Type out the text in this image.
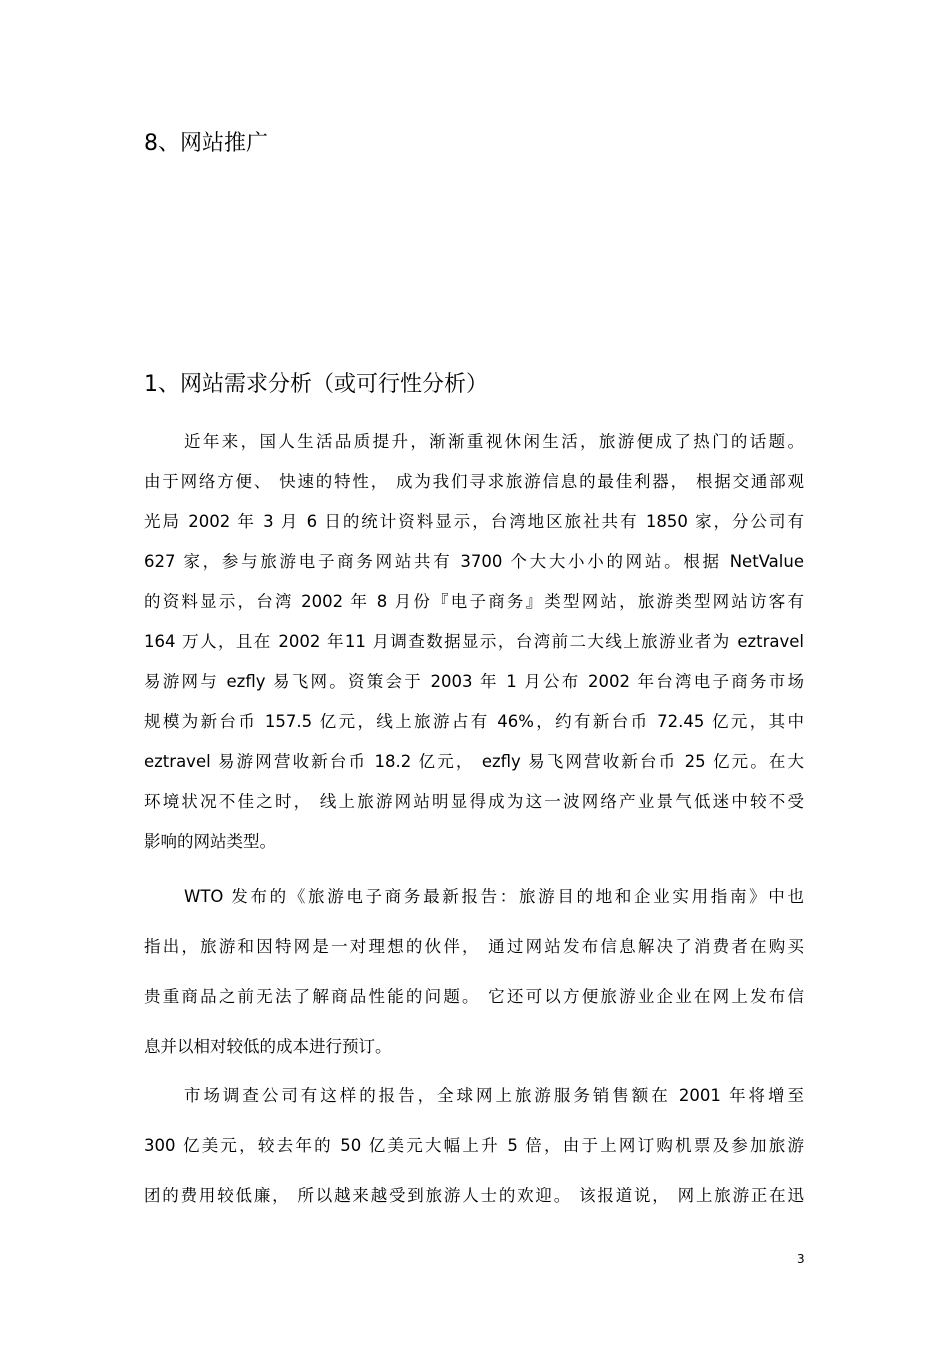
8、网站推广
1、网站需求分析（或可行性分析）
近年来，国人生活品质提升，渐渐重视休闲生活，旅游便成了热门的话题。
由于网络方便、 快速的特性， 成为我们寻求旅游信息的最佳利器， 根据交通部观
光局 2002 年 3 月 6 日的统计资料显示，台湾地区旅社共有 1850 家，分公司有
627 家，参与旅游电子商务网站共有 3700 个大大小小的网站。根据 NetValue
的资料显示，台湾 2002 年 8 月份『电子商务』类型网站，旅游类型网站访客有
164 万人，且在 2002 年11 月调查数据显示，台湾前二大线上旅游业者为 eztravel
易游网与 ezfly 易飞网。资策会于 2003 年 1 月公布 2002 年台湾电子商务市场
规模为新台币 157.5 亿元，线上旅游占有 46%，约有新台币 72.45 亿元，其中
eztravel 易游网营收新台币 18.2 亿元， ezfly 易飞网营收新台币 25 亿元。在大
环境状况不佳之时， 线上旅游网站明显得成为这一波网络产业景气低迷中较不受
影响的网站类型。
WTO 发布的《旅游电子商务最新报告：旅游目的地和企业实用指南》中也
指出，旅游和因特网是一对理想的伙伴， 通过网站发布信息解决了消费者在购买
贵重商品之前无法了解商品性能的问题。 它还可以方便旅游业企业在网上发布信
息并以相对较低的成本进行预订。
市场调查公司有这样的报告，全球网上旅游服务销售额在 2001 年将增至
300 亿美元，较去年的 50 亿美元大幅上升 5 倍，由于上网订购机票及参加旅游
团的费用较低廉， 所以越来越受到旅游人士的欢迎。 该报道说， 网上旅游正在迅
3
